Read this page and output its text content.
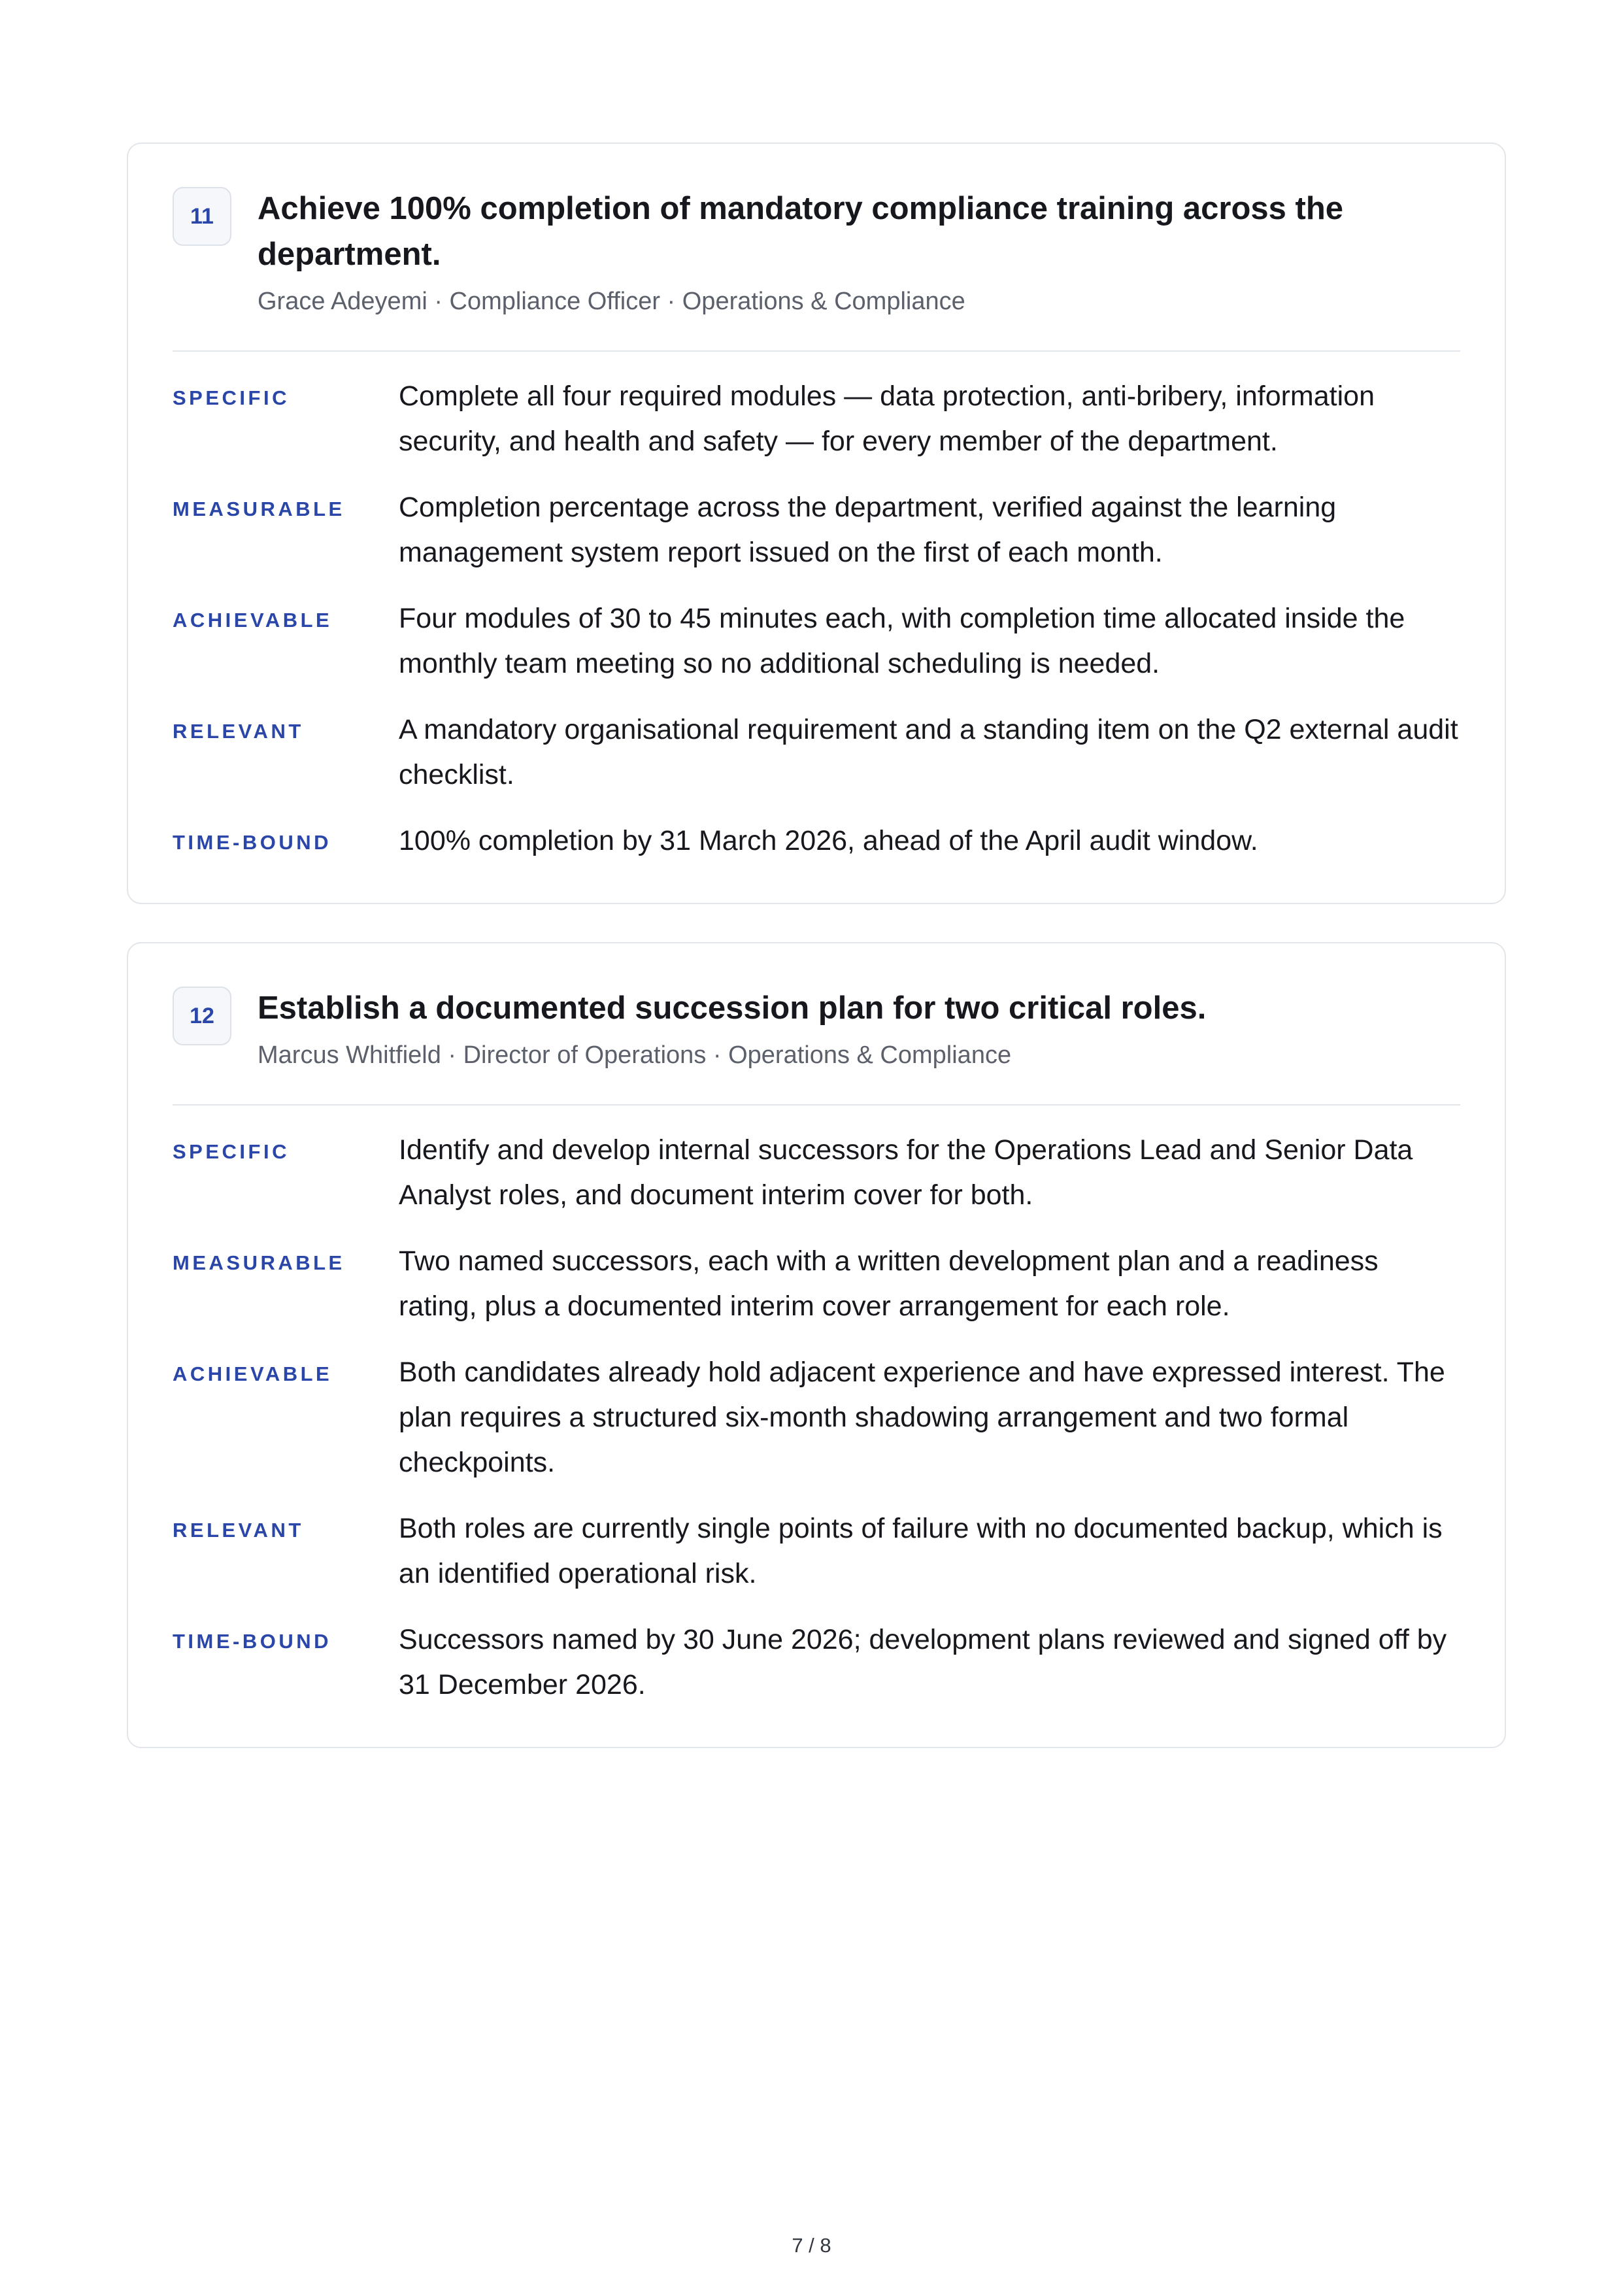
11	Achieve 100% completion of mandatory compliance training across the department.
Grace Adeyemi · Compliance Officer · Operations & Compliance
SPECIFIC	Complete all four required modules — data protection, anti-bribery, information security, and health and safety — for every member of the department.
MEASURABLE	Completion percentage across the department, verified against the learning management system report issued on the first of each month.
ACHIEVABLE	Four modules of 30 to 45 minutes each, with completion time allocated inside the monthly team meeting so no additional scheduling is needed.
RELEVANT	A mandatory organisational requirement and a standing item on the Q2 external audit checklist.
TIME-BOUND	100% completion by 31 March 2026, ahead of the April audit window.
12	Establish a documented succession plan for two critical roles.
Marcus Whitfield · Director of Operations · Operations & Compliance
SPECIFIC	Identify and develop internal successors for the Operations Lead and Senior Data Analyst roles, and document interim cover for both.
MEASURABLE	Two named successors, each with a written development plan and a readiness rating, plus a documented interim cover arrangement for each role.
ACHIEVABLE	Both candidates already hold adjacent experience and have expressed interest. The plan requires a structured six-month shadowing arrangement and two formal checkpoints.
RELEVANT	Both roles are currently single points of failure with no documented backup, which is an identified operational risk.
TIME-BOUND	Successors named by 30 June 2026; development plans reviewed and signed off by 31 December 2026.
7 / 8
